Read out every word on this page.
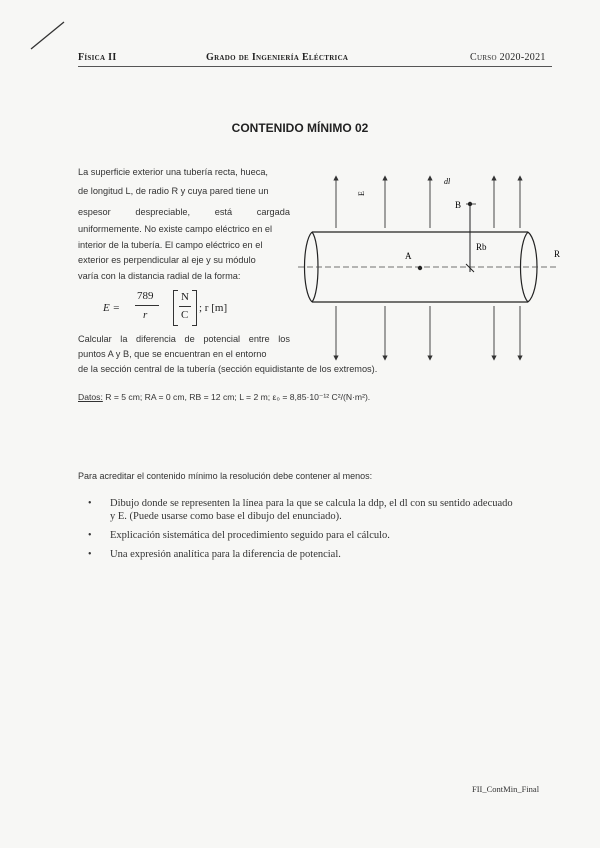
Física II	Grado de Ingeniería Eléctrica	Curso 2020-2021
CONTENIDO MÍNIMO 02
La superficie exterior una tubería recta, hueca,
de longitud L, de radio R y cuya pared tiene un
espesor despreciable, está cargada
uniformemente. No existe campo eléctrico en el
interior de la tubería. El campo eléctrico en el
exterior es perpendicular al eje y su módulo
varía con la distancia radial de la forma:
E =
789
r
N
C
; r [m]
Calcular la diferencia de potencial entre los
puntos A y B, que se encuentran en el entorno
de la sección central de la tubería (sección equidistante de los extremos).
Datos: R = 5 cm; RA = 0 cm, RB = 12 cm; L = 2 m; ε₀ = 8,85·10⁻¹² C²/(N·m²).
E
dl
B
Rb
A	R
Para acreditar el contenido mínimo la resolución debe contener al menos:
• Dibujo donde se representen la línea para la que se calcula la ddp, el dl con su sentido adecuado y E. (Puede usarse como base el dibujo del enunciado).
• Explicación sistemática del procedimiento seguido para el cálculo.
• Una expresión analítica para la diferencia de potencial.
FII_ContMin_Final
